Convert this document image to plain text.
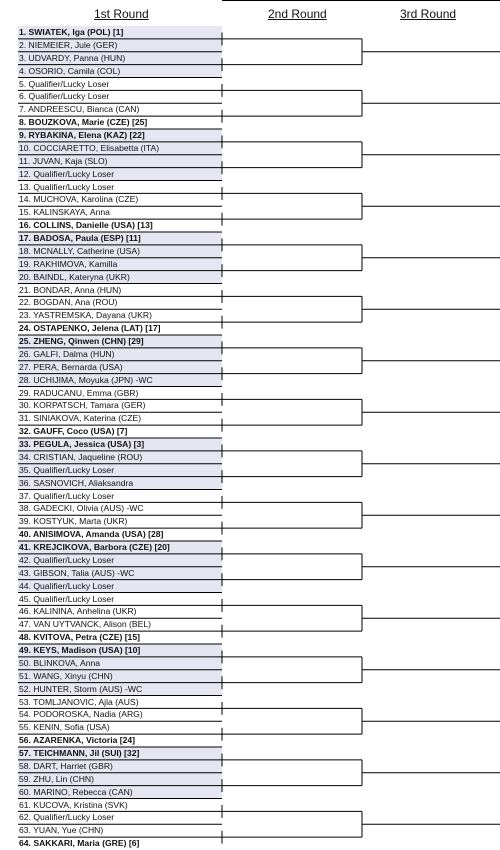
1st Round	2nd Round	3rd Round
1. SWIATEK, Iga (POL) [1]
2. NIEMEIER, Jule (GER)
3. UDVARDY, Panna (HUN)
4. OSORIO, Camila (COL)
5. Qualifier/Lucky Loser
6. Qualifier/Lucky Loser
7. ANDREESCU, Bianca (CAN)
8. BOUZKOVA, Marie (CZE) [25]
9. RYBAKINA, Elena (KAZ) [22]
10. COCCIARETTO, Elisabetta (ITA)
11. JUVAN, Kaja (SLO)
12. Qualifier/Lucky Loser
13. Qualifier/Lucky Loser
14. MUCHOVA, Karolina (CZE)
15. KALINSKAYA, Anna
16. COLLINS, Danielle (USA) [13]
17. BADOSA, Paula (ESP) [11]
18. MCNALLY, Catherine (USA)
19. RAKHIMOVA, Kamilla
20. BAINDL, Kateryna (UKR)
21. BONDAR, Anna (HUN)
22. BOGDAN, Ana (ROU)
23. YASTREMSKA, Dayana (UKR)
24. OSTAPENKO, Jelena (LAT) [17]
25. ZHENG, Qinwen (CHN) [29]
26. GALFI, Dalma (HUN)
27. PERA, Bernarda (USA)
28. UCHIJIMA, Moyuka (JPN) -WC
29. RADUCANU, Emma (GBR)
30. KORPATSCH, Tamara (GER)
31. SINIAKOVA, Katerina (CZE)
32. GAUFF, Coco (USA) [7]
33. PEGULA, Jessica (USA) [3]
34. CRISTIAN, Jaqueline (ROU)
35. Qualifier/Lucky Loser
36. SASNOVICH, Aliaksandra
37. Qualifier/Lucky Loser
38. GADECKI, Olivia (AUS) -WC
39. KOSTYUK, Marta (UKR)
40. ANISIMOVA, Amanda (USA) [28]
41. KREJCIKOVA, Barbora (CZE) [20]
42. Qualifier/Lucky Loser
43. GIBSON, Talia (AUS) -WC
44. Qualifier/Lucky Loser
45. Qualifier/Lucky Loser
46. KALININA, Anhelina (UKR)
47. VAN UYTVANCK, Alison (BEL)
48. KVITOVA, Petra (CZE) [15]
49. KEYS, Madison (USA) [10]
50. BLINKOVA, Anna
51. WANG, Xinyu (CHN)
52. HUNTER, Storm (AUS) -WC
53. TOMLJANOVIC, Ajla (AUS)
54. PODOROSKA, Nadia (ARG)
55. KENIN, Sofia (USA)
56. AZARENKA, Victoria [24]
57. TEICHMANN, Jil (SUI) [32]
58. DART, Harriet (GBR)
59. ZHU, Lin (CHN)
60. MARINO, Rebecca (CAN)
61. KUCOVA, Kristina (SVK)
62. Qualifier/Lucky Loser
63. YUAN, Yue (CHN)
64. SAKKARI, Maria (GRE) [6]
